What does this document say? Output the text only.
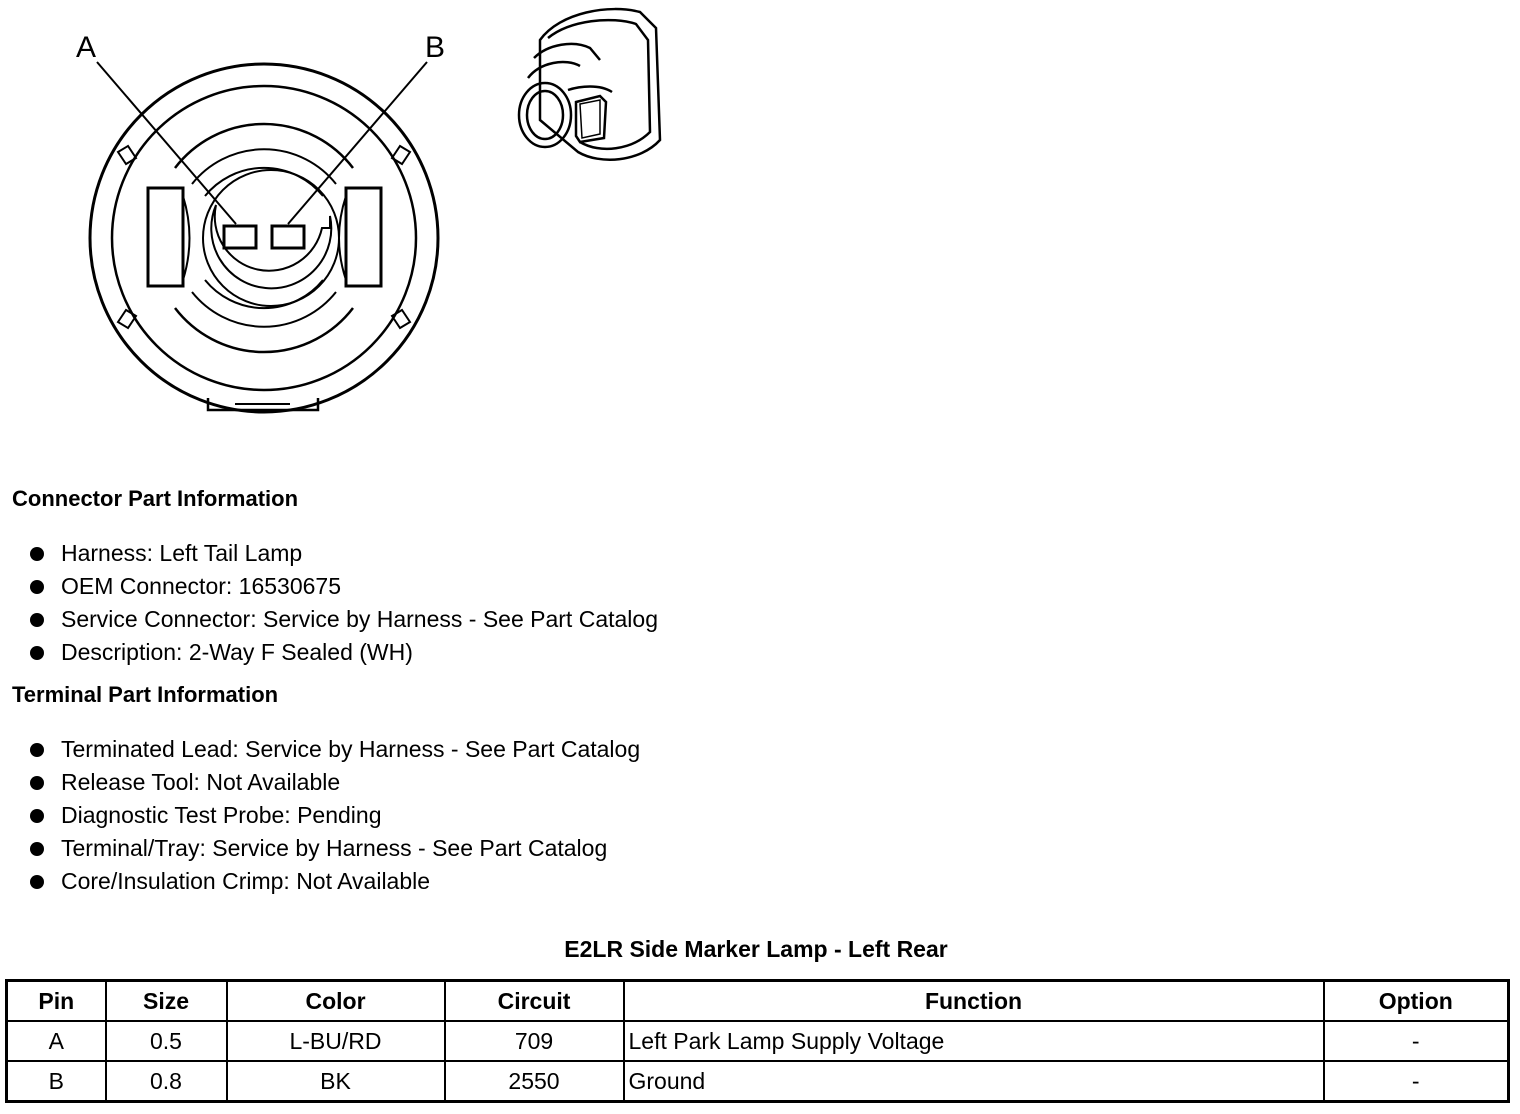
A	B
Connector Part Information
Harness: Left Tail Lamp
OEM Connector: 16530675
Service Connector: Service by Harness - See Part Catalog
Description: 2-Way F Sealed (WH)
Terminal Part Information
Terminated Lead: Service by Harness - See Part Catalog
Release Tool: Not Available
Diagnostic Test Probe: Pending
Terminal/Tray: Service by Harness - See Part Catalog
Core/Insulation Crimp: Not Available
E2LR Side Marker Lamp - Left Rear
Pin	Size	Color	Circuit	Function	Option
A	0.5	L-BU/RD	709	Left Park Lamp Supply Voltage	-
B	0.8	BK	2550	Ground	-
